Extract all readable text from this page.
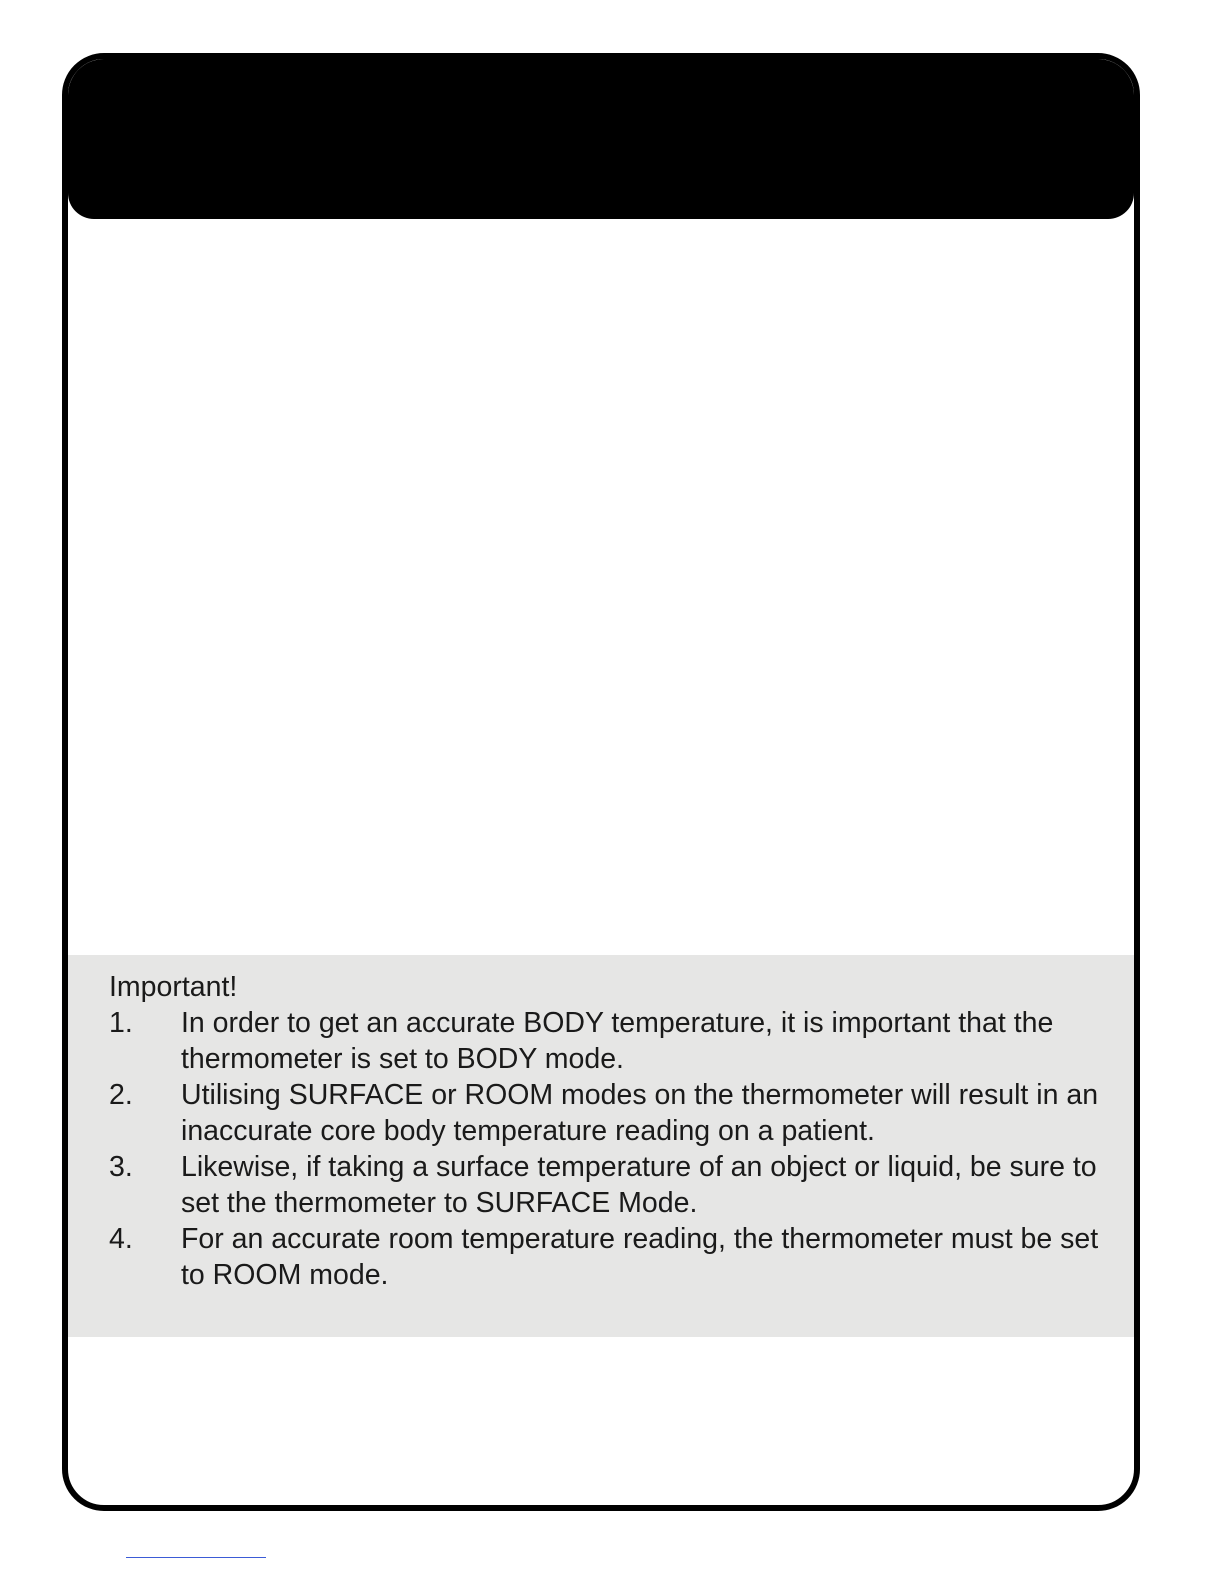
Important!
1.	In order to get an accurate BODY temperature, it is important that the thermometer is set to BODY mode.
2.	Utilising SURFACE or ROOM modes on the thermometer will result in an inaccurate core body temperature reading on a patient.
3.	Likewise, if taking a surface temperature of an object or liquid, be sure to set the thermometer to SURFACE Mode.
4.	For an accurate room temperature reading, the thermometer must be set to ROOM mode.
